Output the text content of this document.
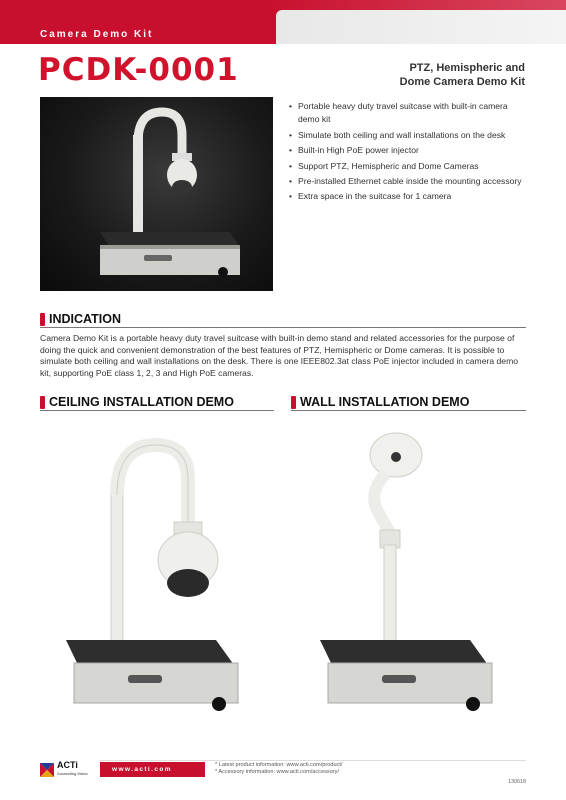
Camera Demo Kit
PCDK-0001	PTZ, Hemispheric and
Dome Camera Demo Kit
• Portable heavy duty travel suitcase with built-in camera demo kit
• Simulate both ceiling and wall installations on the desk
• Built-in High PoE power injector
• Support PTZ, Hemispheric and Dome Cameras
• Pre-installed Ethernet cable inside the mounting accessory
• Extra space in the suitcase for 1 camera
INDICATION

Camera Demo Kit is a portable heavy duty travel suitcase with built-in demo stand and related accessories for the purpose of doing the quick and convenient demonstration of the best features of PTZ, Hemispheric or Dome cameras. It is possible to simulate both ceiling and wall installations on the desk. There is one IEEE802.3at class PoE injector included in camera demo kit, supporting PoE class 1, 2, 3 and High PoE cameras.

CEILING INSTALLATION DEMO	WALL INSTALLATION DEMO
ACTi
Connecting Vision
www.acti.com
* Latest product information: www.acti.com/product/
* Accessory information: www.acti.com/accessory/
130618
